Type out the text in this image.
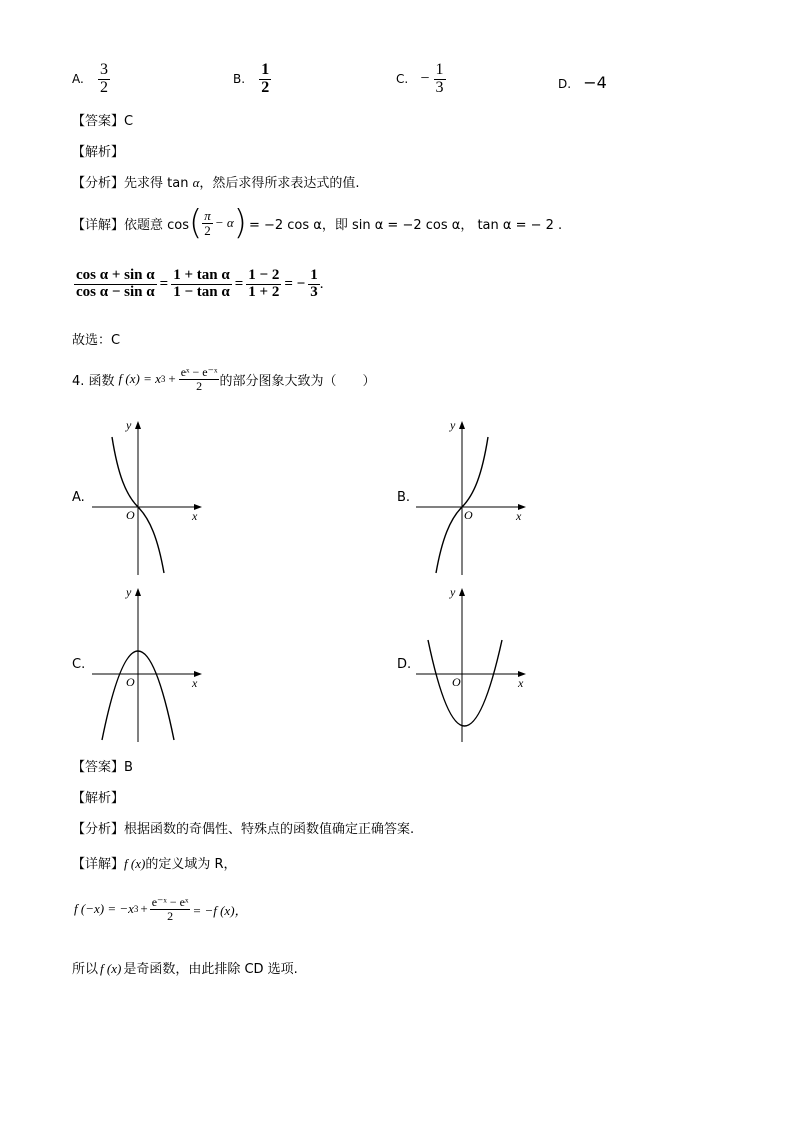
A. $\frac{3}{2}$	B. $\frac{1}{2}$	C. − $\frac{1}{3}$	D. −4
【答案】C
【解析】
【分析】先求得 tan α，然后求得所求表达式的值.
【详解】 依题意 cos ( $\frac{\pi}{2} - \alpha$ ) = −2 cos α，即 sin α = −2 cos α， tan α = − 2 .
$\frac{\text{cos α + sin α}}{\text{cos α − sin α}} = \frac{\text{1 + tan α}}{\text{1 − tan α}} = \frac{1 - 2}{1 + 2}$ = − $\frac{1}{3}$ .
故选：C
4. 函数 f (x) = x $3 + \frac{\text{eˣ − e⁻ˣ}}{2}$ 的部分图象大致为（　　）
A.
y
x
O
B.
y
x
O
C.
y
x
O
D.
y
x
O
【答案】B
【解析】
【分析】根据函数的奇偶性、特殊点的函数值确定正确答案.
【详解】f (x)的定义域为 R，
f (−x) = −x $3 + \frac{\text{e⁻ˣ − eˣ}}{2} = -f$ (x)，
所以 f (x) 是奇函数，由此排除 CD 选项.
